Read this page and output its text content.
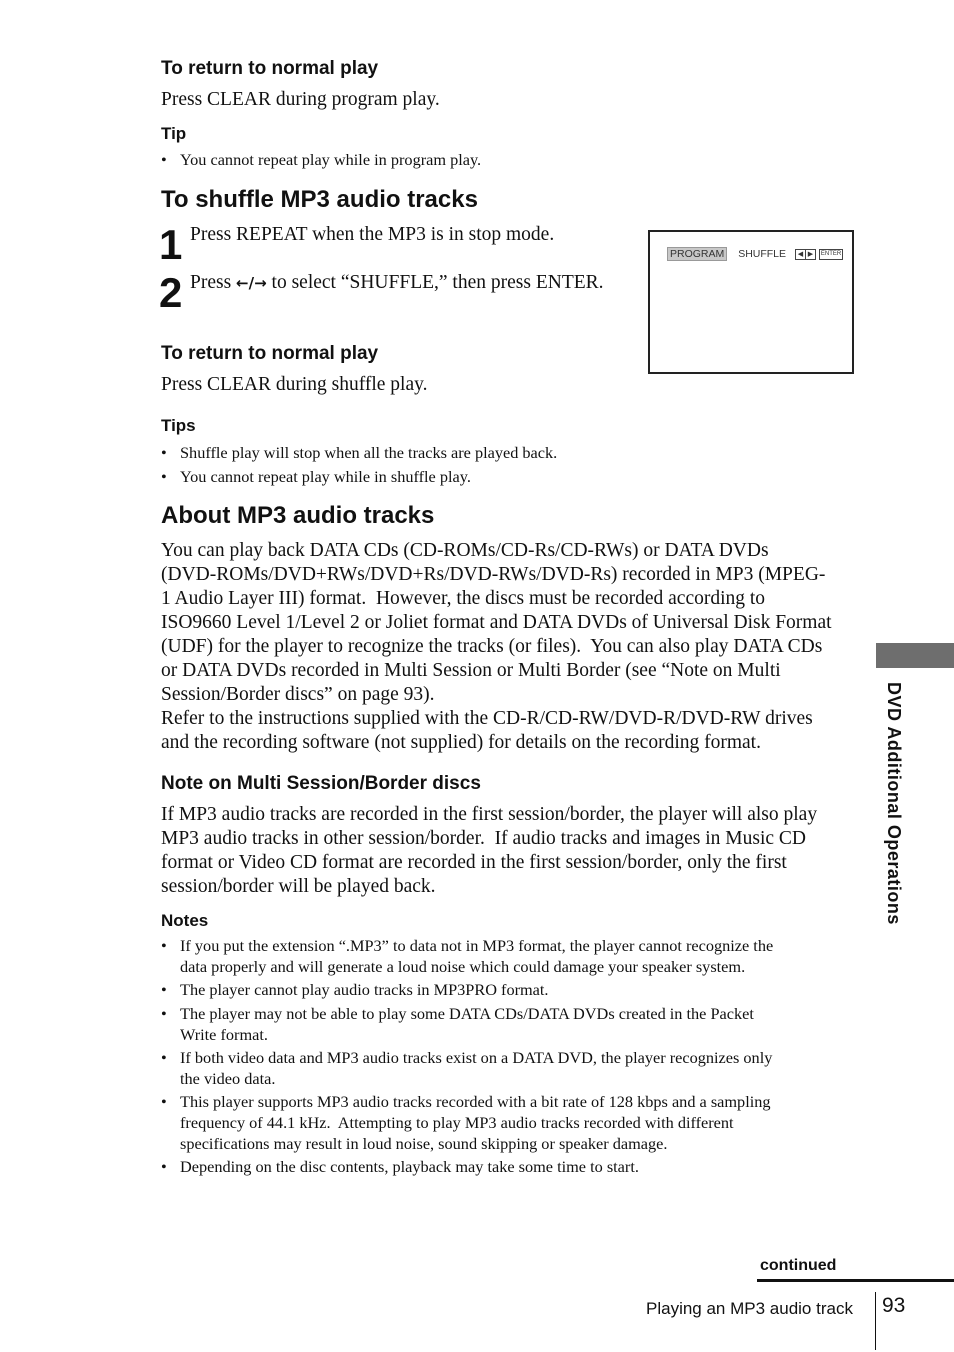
To return to normal play
Press CLEAR during program play.
Tip
• You cannot repeat play while in program play.
To shuffle MP3 audio tracks
1 Press REPEAT when the MP3 is in stop mode.
2 Press ←/→ to select “SHUFFLE,” then press ENTER.
PROGRAM SHUFFLE ◀ ▶ ENTER
To return to normal play
Press CLEAR during shuffle play.
Tips
• Shuffle play will stop when all the tracks are played back.
• You cannot repeat play while in shuffle play.
About MP3 audio tracks
You can play back DATA CDs (CD-ROMs/CD-Rs/CD-RWs) or DATA DVDs
(DVD-ROMs/DVD+RWs/DVD+Rs/DVD-RWs/DVD-Rs) recorded in MP3 (MPEG-
1 Audio Layer III) format.  However, the discs must be recorded according to
ISO9660 Level 1/Level 2 or Joliet format and DATA DVDs of Universal Disk Format
(UDF) for the player to recognize the tracks (or files).  You can also play DATA CDs
or DATA DVDs recorded in Multi Session or Multi Border (see “Note on Multi
Session/Border discs” on page 93).
Refer to the instructions supplied with the CD-R/CD-RW/DVD-R/DVD-RW drives
and the recording software (not supplied) for details on the recording format.
Note on Multi Session/Border discs
If MP3 audio tracks are recorded in the first session/border, the player will also play
MP3 audio tracks in other session/border.  If audio tracks and images in Music CD
format or Video CD format are recorded in the first session/border, only the first
session/border will be played back.
Notes

• If you put the extension “.MP3” to data not in MP3 format, the player cannot recognize the
data properly and will generate a loud noise which could damage your speaker system.

• The player cannot play audio tracks in MP3PRO format.

• The player may not be able to play some DATA CDs/DATA DVDs created in the Packet
Write format.

• If both video data and MP3 audio tracks exist on a DATA DVD, the player recognizes only
the video data.

• This player supports MP3 audio tracks recorded with a bit rate of 128 kbps and a sampling
frequency of 44.1 kHz.  Attempting to play MP3 audio tracks recorded with different
specifications may result in loud noise, sound skipping or speaker damage.

• Depending on the disc contents, playback may take some time to start.

DVD Additional Operations
continued
Playing an MP3 audio track 93
